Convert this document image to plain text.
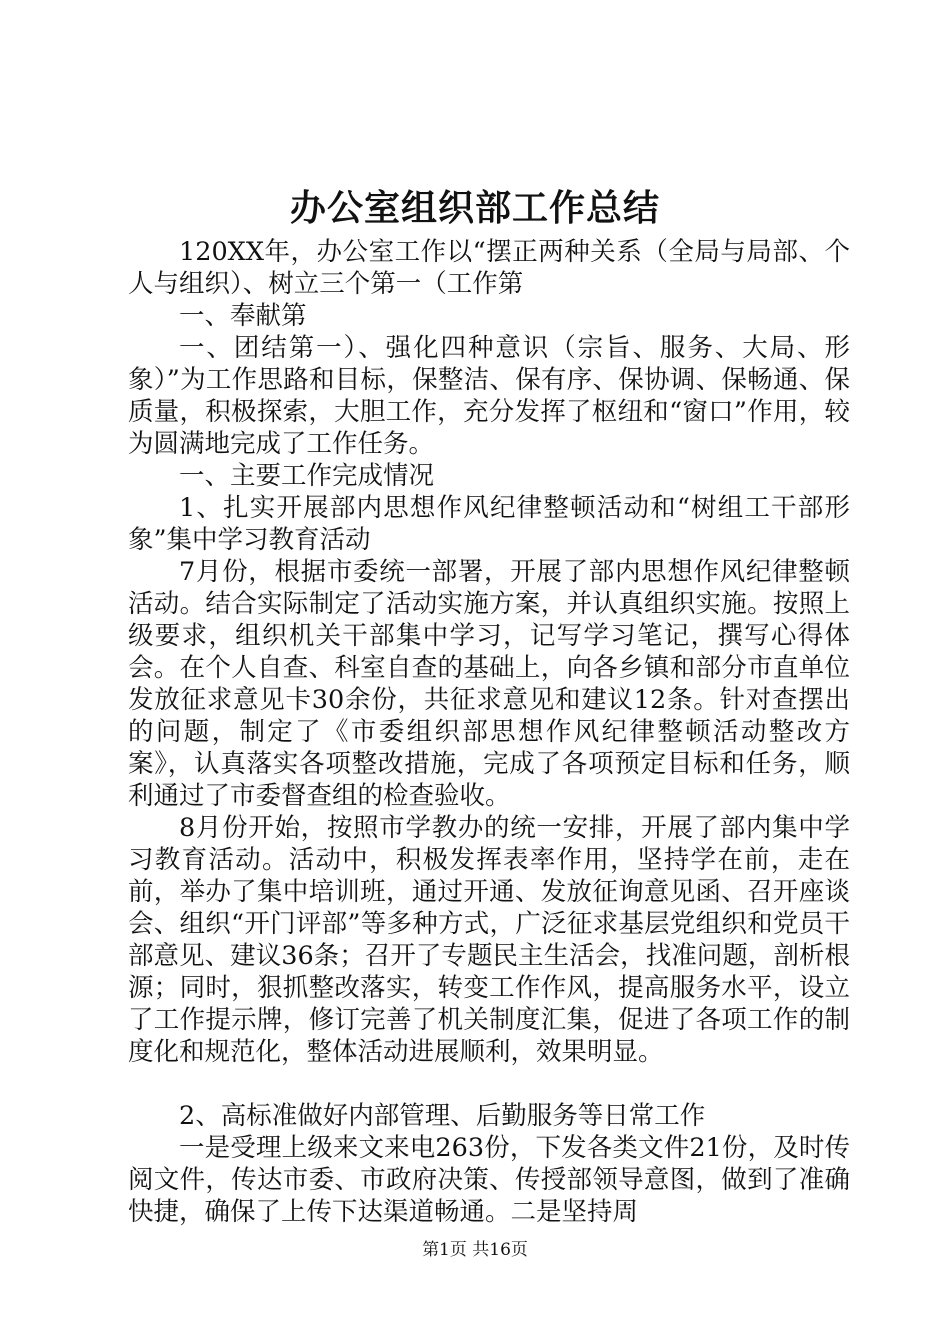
办公室组织部工作总结

120XX年，办公室工作以“摆正两种关系（全局与局部、个人与组织）、树立三个第一（工作第

一、奉献第

一、团结第一）、强化四种意识（宗旨、服务、大局、形象）”为工作思路和目标，保整洁、保有序、保协调、保畅通、保质量，积极探索，大胆工作，充分发挥了枢纽和“窗口”作用，较为圆满地完成了工作任务。

一、主要工作完成情况

1、扎实开展部内思想作风纪律整顿活动和“树组工干部形象”集中学习教育活动

7月份，根据市委统一部署，开展了部内思想作风纪律整顿活动。结合实际制定了活动实施方案，并认真组织实施。按照上级要求，组织机关干部集中学习，记写学习笔记，撰写心得体会。在个人自查、科室自查的基础上，向各乡镇和部分市直单位发放征求意见卡30余份，共征求意见和建议12条。针对查摆出的问题，制定了《市委组织部思想作风纪律整顿活动整改方案》，认真落实各项整改措施，完成了各项预定目标和任务，顺利通过了市委督查组的检查验收。

8月份开始，按照市学教办的统一安排，开展了部内集中学习教育活动。活动中，积极发挥表率作用，坚持学在前，走在前，举办了集中培训班，通过开通、发放征询意见函、召开座谈会、组织“开门评部”等多种方式，广泛征求基层党组织和党员干部意见、建议36条；召开了专题民主生活会，找准问题，剖析根源；同时，狠抓整改落实，转变工作作风，提高服务水平，设立了工作提示牌，修订完善了机关制度汇集，促进了各项工作的制度化和规范化，整体活动进展顺利，效果明显。

2、高标准做好内部管理、后勤服务等日常工作

一是受理上级来文来电263份，下发各类文件21份，及时传阅文件，传达市委、市政府决策、传授部领导意图，做到了准确快捷，确保了上传下达渠道畅通。二是坚持周

第1页 共16页
